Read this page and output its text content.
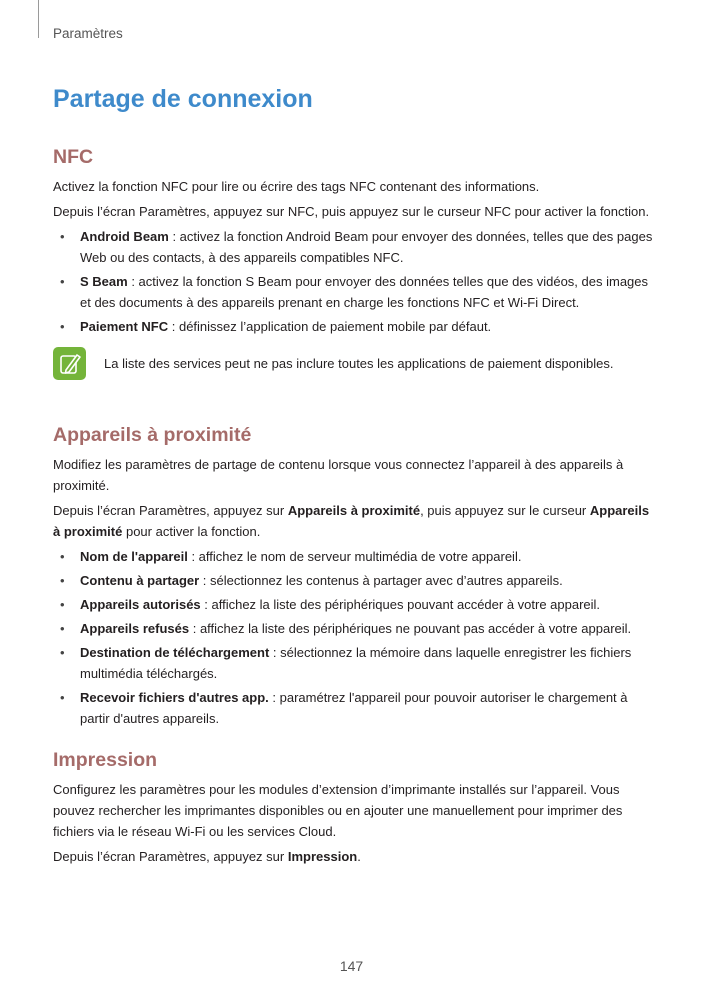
Paramètres
Partage de connexion
NFC

Activez la fonction NFC pour lire ou écrire des tags NFC contenant des informations.

Depuis l’écran Paramètres, appuyez sur NFC, puis appuyez sur le curseur NFC pour activer la fonction.

• Android Beam : activez la fonction Android Beam pour envoyer des données, telles que des pages Web ou des contacts, à des appareils compatibles NFC.
• S Beam : activez la fonction S Beam pour envoyer des données telles que des vidéos, des images et des documents à des appareils prenant en charge les fonctions NFC et Wi-Fi Direct.
• Paiement NFC : définissez l’application de paiement mobile par défaut.
La liste des services peut ne pas inclure toutes les applications de paiement disponibles.
Appareils à proximité

Modifiez les paramètres de partage de contenu lorsque vous connectez l’appareil à des appareils à proximité.

Depuis l’écran Paramètres, appuyez sur Appareils à proximité, puis appuyez sur le curseur Appareils à proximité pour activer la fonction.

• Nom de l'appareil : affichez le nom de serveur multimédia de votre appareil.
• Contenu à partager : sélectionnez les contenus à partager avec d’autres appareils.
• Appareils autorisés : affichez la liste des périphériques pouvant accéder à votre appareil.
• Appareils refusés : affichez la liste des périphériques ne pouvant pas accéder à votre appareil.
• Destination de téléchargement : sélectionnez la mémoire dans laquelle enregistrer les fichiers multimédia téléchargés.
• Recevoir fichiers d'autres app. : paramétrez l'appareil pour pouvoir autoriser le chargement à partir d'autres appareils.
Impression

Configurez les paramètres pour les modules d’extension d’imprimante installés sur l’appareil. Vous pouvez rechercher les imprimantes disponibles ou en ajouter une manuellement pour imprimer des fichiers via le réseau Wi-Fi ou les services Cloud.

Depuis l’écran Paramètres, appuyez sur Impression.

147
